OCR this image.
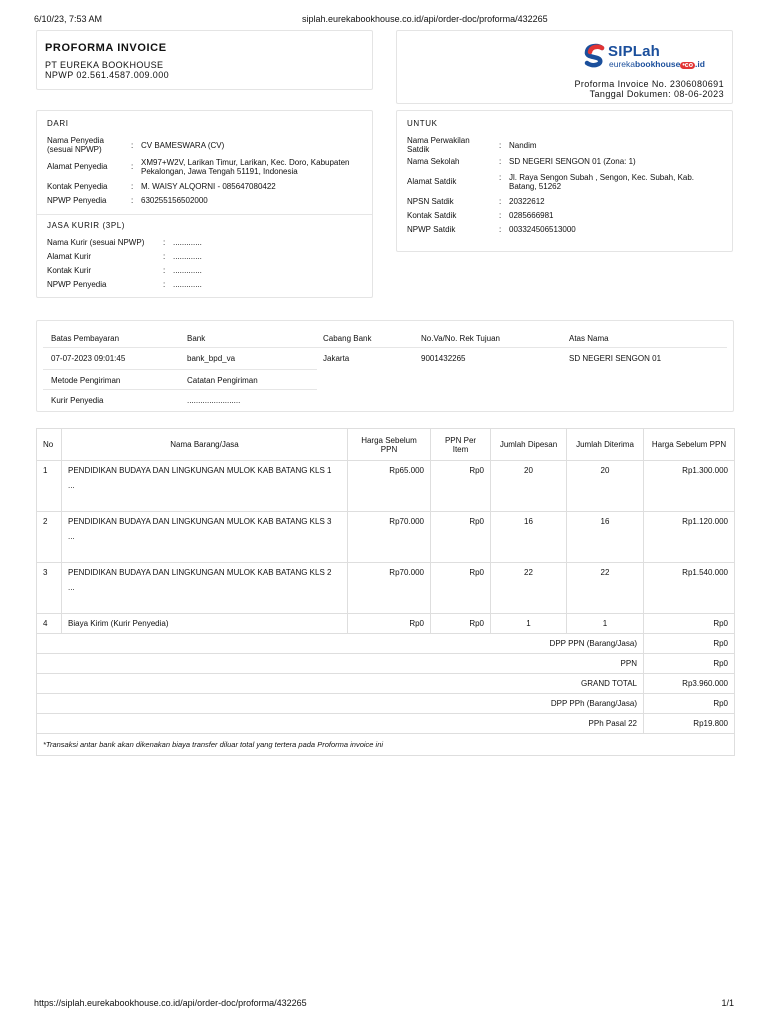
6/10/23, 7:53 AM	siplah.eurekabookhouse.co.id/api/order-doc/proforma/432265
PROFORMA INVOICE
PT EUREKA BOOKHOUSE
NPWP 02.561.4587.009.000
SIPLah
eurekabookhouse •co .id
Proforma Invoice No. 2306080691
Tanggal Dokumen: 08-06-2023
DARI
Nama Penyedia (sesuai NPWP)	: CV BAMESWARA (CV)
Alamat Penyedia	: XM97+W2V, Larikan Timur, Larikan, Kec. Doro, Kabupaten Pekalongan, Jawa Tengah 51191, Indonesia
Kontak Penyedia	: M. WAISY ALQORNI - 085647080422
NPWP Penyedia	: 630255156502000
JASA KURIR (3PL)
Nama Kurir (sesuai NPWP)	: .............
Alamat Kurir	: .............
Kontak Kurir	: .............
NPWP Penyedia	: .............
UNTUK
Nama Perwakilan Satdik	: Nandim
Nama Sekolah	: SD NEGERI SENGON 01 (Zona: 1)
Alamat Satdik	: Jl. Raya Sengon Subah , Sengon, Kec. Subah, Kab. Batang, 51262
NPSN Satdik	: 20322612
Kontak Satdik	: 0285666981
NPWP Satdik	: 003324506513000
Batas Pembayaran	Bank	Cabang Bank	No.Va/No. Rek Tujuan	Atas Nama
07-07-2023 09:01:45	bank_bpd_va	Jakarta	9001432265	SD NEGERI SENGON 01
Metode Pengiriman	Catatan Pengiriman
Kurir Penyedia	........................
No	Nama Barang/Jasa	Harga Sebelum PPN	PPN Per Item	Jumlah Dipesan	Jumlah Diterima	Harga Sebelum PPN
1	PENDIDIKAN BUDAYA DAN LINGKUNGAN MULOK KAB BATANG KLS 1
...	Rp65.000	Rp0	20	20	Rp1.300.000
2	PENDIDIKAN BUDAYA DAN LINGKUNGAN MULOK KAB BATANG KLS 3
...	Rp70.000	Rp0	16	16	Rp1.120.000
3	PENDIDIKAN BUDAYA DAN LINGKUNGAN MULOK KAB BATANG KLS 2
...	Rp70.000	Rp0	22	22	Rp1.540.000
4	Biaya Kirim (Kurir Penyedia)	Rp0	Rp0	1	1	Rp0
DPP PPN (Barang/Jasa)						Rp0
PPN						Rp0
GRAND TOTAL						Rp3.960.000
DPP PPh (Barang/Jasa)						Rp0
PPh Pasal 22						Rp19.800
*Transaksi antar bank akan dikenakan biaya transfer diluar total yang tertera pada Proforma invoice ini						
https://siplah.eurekabookhouse.co.id/api/order-doc/proforma/432265	1/1
